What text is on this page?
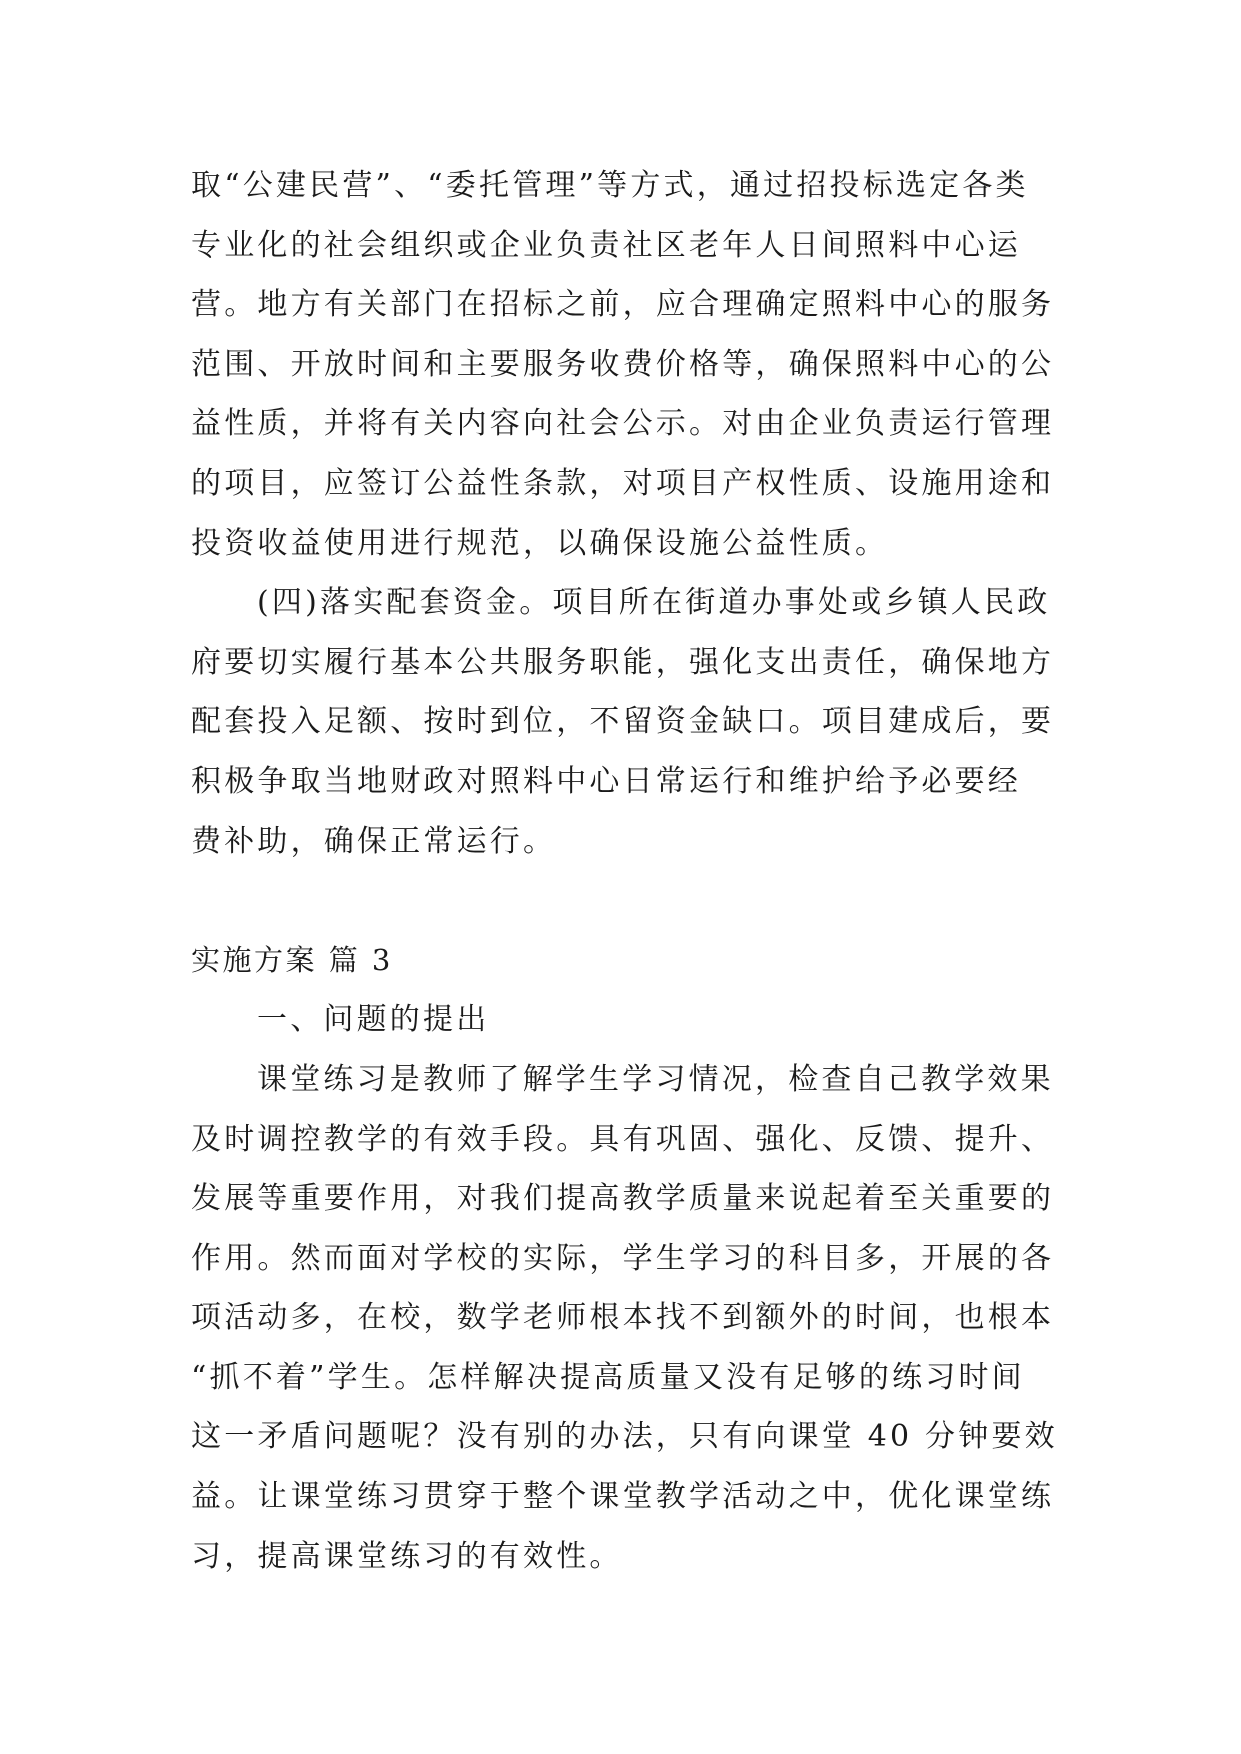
取“公建民营”、“委托管理”等方式，通过招投标选定各类
专业化的社会组织或企业负责社区老年人日间照料中心运
营。地方有关部门在招标之前，应合理确定照料中心的服务
范围、开放时间和主要服务收费价格等，确保照料中心的公
益性质，并将有关内容向社会公示。对由企业负责运行管理
的项目，应签订公益性条款，对项目产权性质、设施用途和
投资收益使用进行规范，以确保设施公益性质。
(四)落实配套资金。项目所在街道办事处或乡镇人民政
府要切实履行基本公共服务职能，强化支出责任，确保地方
配套投入足额、按时到位，不留资金缺口。项目建成后，要
积极争取当地财政对照料中心日常运行和维护给予必要经
费补助，确保正常运行。
实施方案 篇 3
一、问题的提出
课堂练习是教师了解学生学习情况，检查自己教学效果
及时调控教学的有效手段。具有巩固、强化、反馈、提升、
发展等重要作用，对我们提高教学质量来说起着至关重要的
作用。然而面对学校的实际，学生学习的科目多，开展的各
项活动多，在校，数学老师根本找不到额外的时间，也根本
“抓不着”学生。怎样解决提高质量又没有足够的练习时间
这一矛盾问题呢？没有别的办法，只有向课堂 40 分钟要效
益。让课堂练习贯穿于整个课堂教学活动之中，优化课堂练
习，提高课堂练习的有效性。
